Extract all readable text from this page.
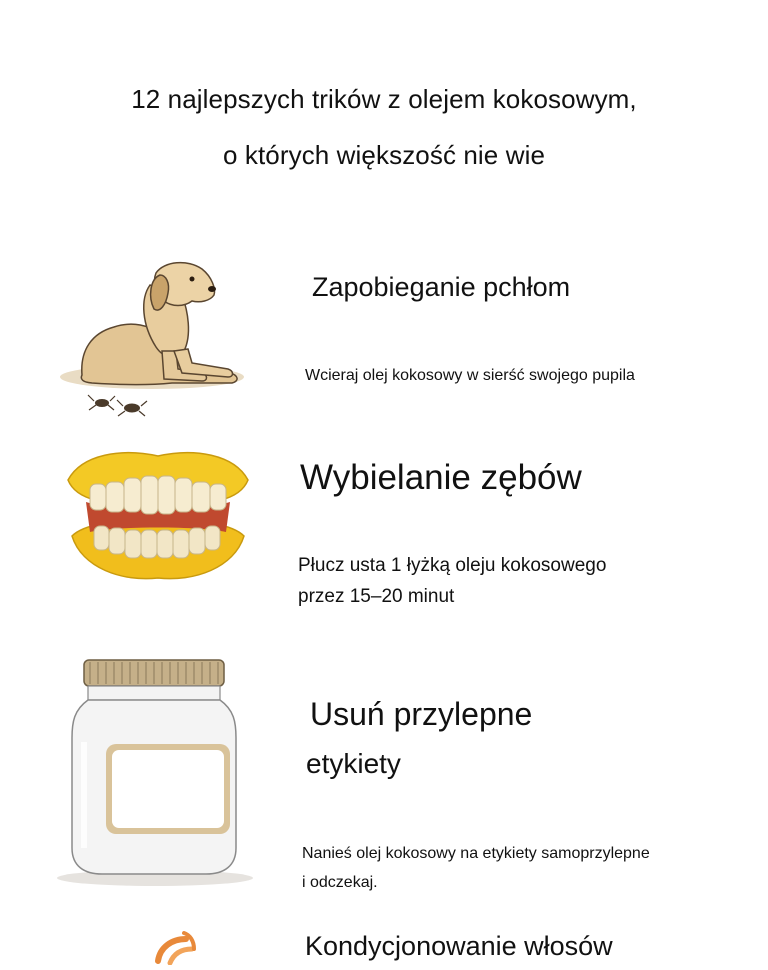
12 najlepszych trików z olejem kokosowym,
o których większość nie wie
Zapobieganie pchłom
Wcieraj olej kokosowy w sierść swojego pupila
Wybielanie zębów
Płucz usta 1 łyżką oleju kokosowego
przez 15–20 minut
Usuń przylepne
etykiety
Nanieś olej kokosowy na etykiety samoprzylepne
i odczekaj.
Kondycjonowanie włosów
